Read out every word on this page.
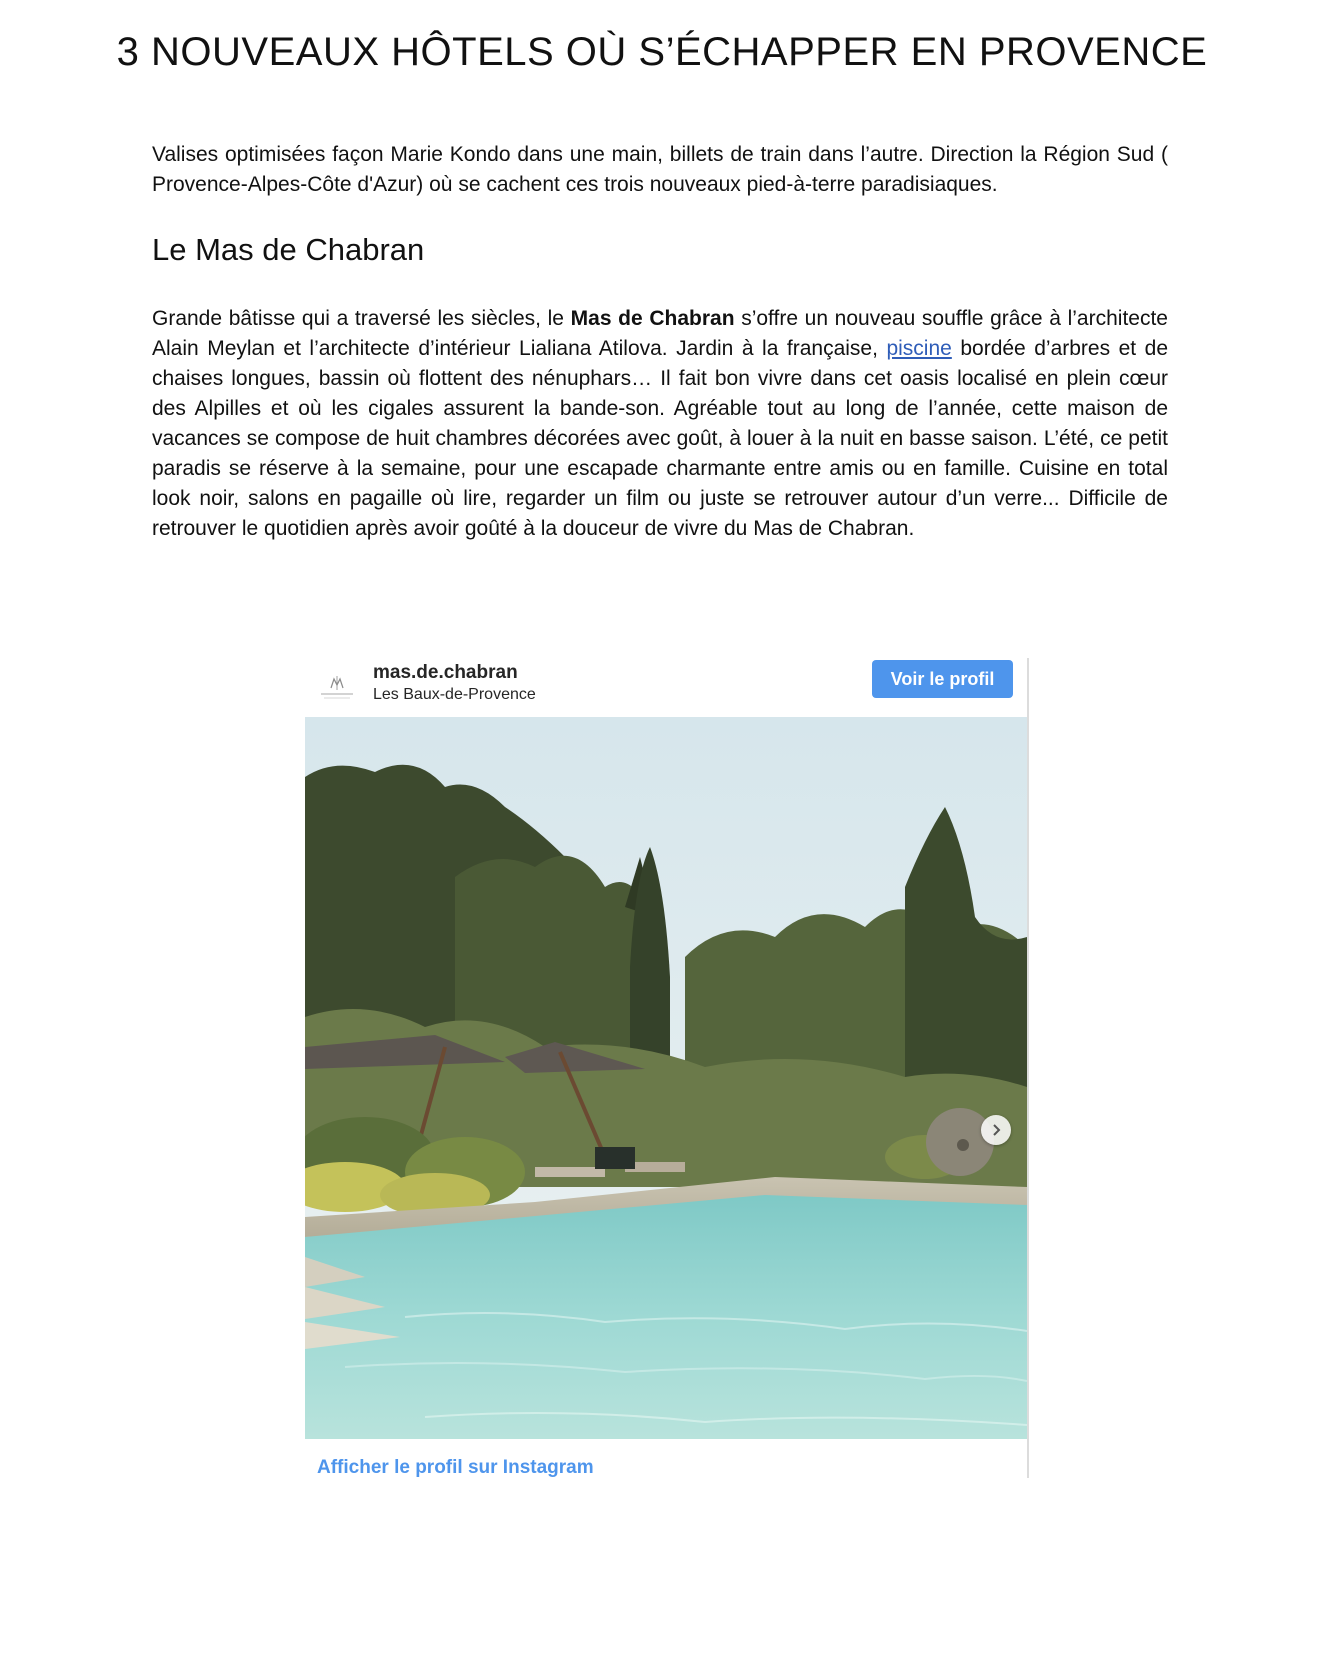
3 NOUVEAUX HÔTELS OÙ S’ÉCHAPPER EN PROVENCE

Valises optimisées façon Marie Kondo dans une main, billets de train dans l’autre. Direction la Région Sud ( Provence-Alpes-Côte d'Azur) où se cachent ces trois nouveaux pied-à-terre paradisiaques.

Le Mas de Chabran

Grande bâtisse qui a traversé les siècles, le Mas de Chabran s’offre un nouveau souffle grâce à l’architecte Alain Meylan et l’architecte d’intérieur Lialiana Atilova. Jardin à la française, piscine bordée d’arbres et de chaises longues, bassin où flottent des nénuphars… Il fait bon vivre dans cet oasis localisé en plein cœur des Alpilles et où les cigales assurent la bande-son. Agréable tout au long de l’année, cette maison de vacances se compose de huit chambres décorées avec goût, à louer à la nuit en basse saison. L’été, ce petit paradis se réserve à la semaine, pour une escapade charmante entre amis ou en famille. Cuisine en total look noir, salons en pagaille où lire, regarder un film ou juste se retrouver autour d’un verre... Difficile de retrouver le quotidien après avoir goûté à la douceur de vivre du Mas de Chabran.

mas.de.chabran
Les Baux-de-Provence
Voir le profil
Afficher le profil sur Instagram
